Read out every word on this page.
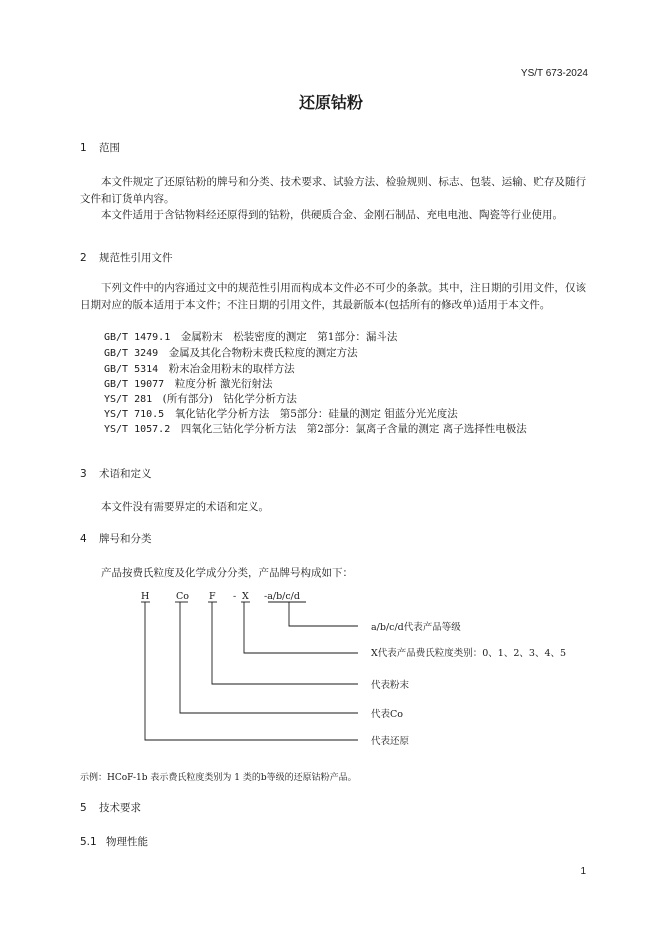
YS/T 673-2024
还原钴粉
1 范围

本文件规定了还原钴粉的牌号和分类、技术要求、试验方法、检验规则、标志、包装、运输、贮存及随行文件和订货单内容。

本文件适用于含钴物料经还原得到的钴粉，供硬质合金、金刚石制品、充电电池、陶瓷等行业使用。

2 规范性引用文件

下列文件中的内容通过文中的规范性引用而构成本文件必不可少的条款。其中，注日期的引用文件，仅该日期对应的版本适用于本文件；不注日期的引用文件，其最新版本(包括所有的修改单)适用于本文件。

GB/T 1479.1　 金属粉末　松装密度的测定　第1部分：漏斗法
GB/T 3249　 金属及其化合物粉末费氏粒度的测定方法
GB/T 5314　 粉末冶金用粉末的取样方法
GB/T 19077　 粒度分析 激光衍射法
YS/T 281　 (所有部分)　钴化学分析方法
YS/T 710.5　 氧化钴化学分析方法　第5部分：硅量的测定 钼蓝分光光度法
YS/T 1057.2　 四氧化三钴化学分析方法　第2部分：氯离子含量的测定 离子选择性电极法
3 术语和定义

本文件没有需要界定的术语和定义。

4 牌号和分类

产品按费氏粒度及化学成分分类，产品牌号构成如下：

H	Co F - X -a/b/c/d
a/b/c/d代表产品等级
X代表产品费氏粒度类别：0、1、2、3、4、5
代表粉末
代表Co
代表还原
示例：HCoF-1b 表示费氏粒度类别为 1 类的b等级的还原钴粉产品。
5 技术要求
5.1 物理性能
1
